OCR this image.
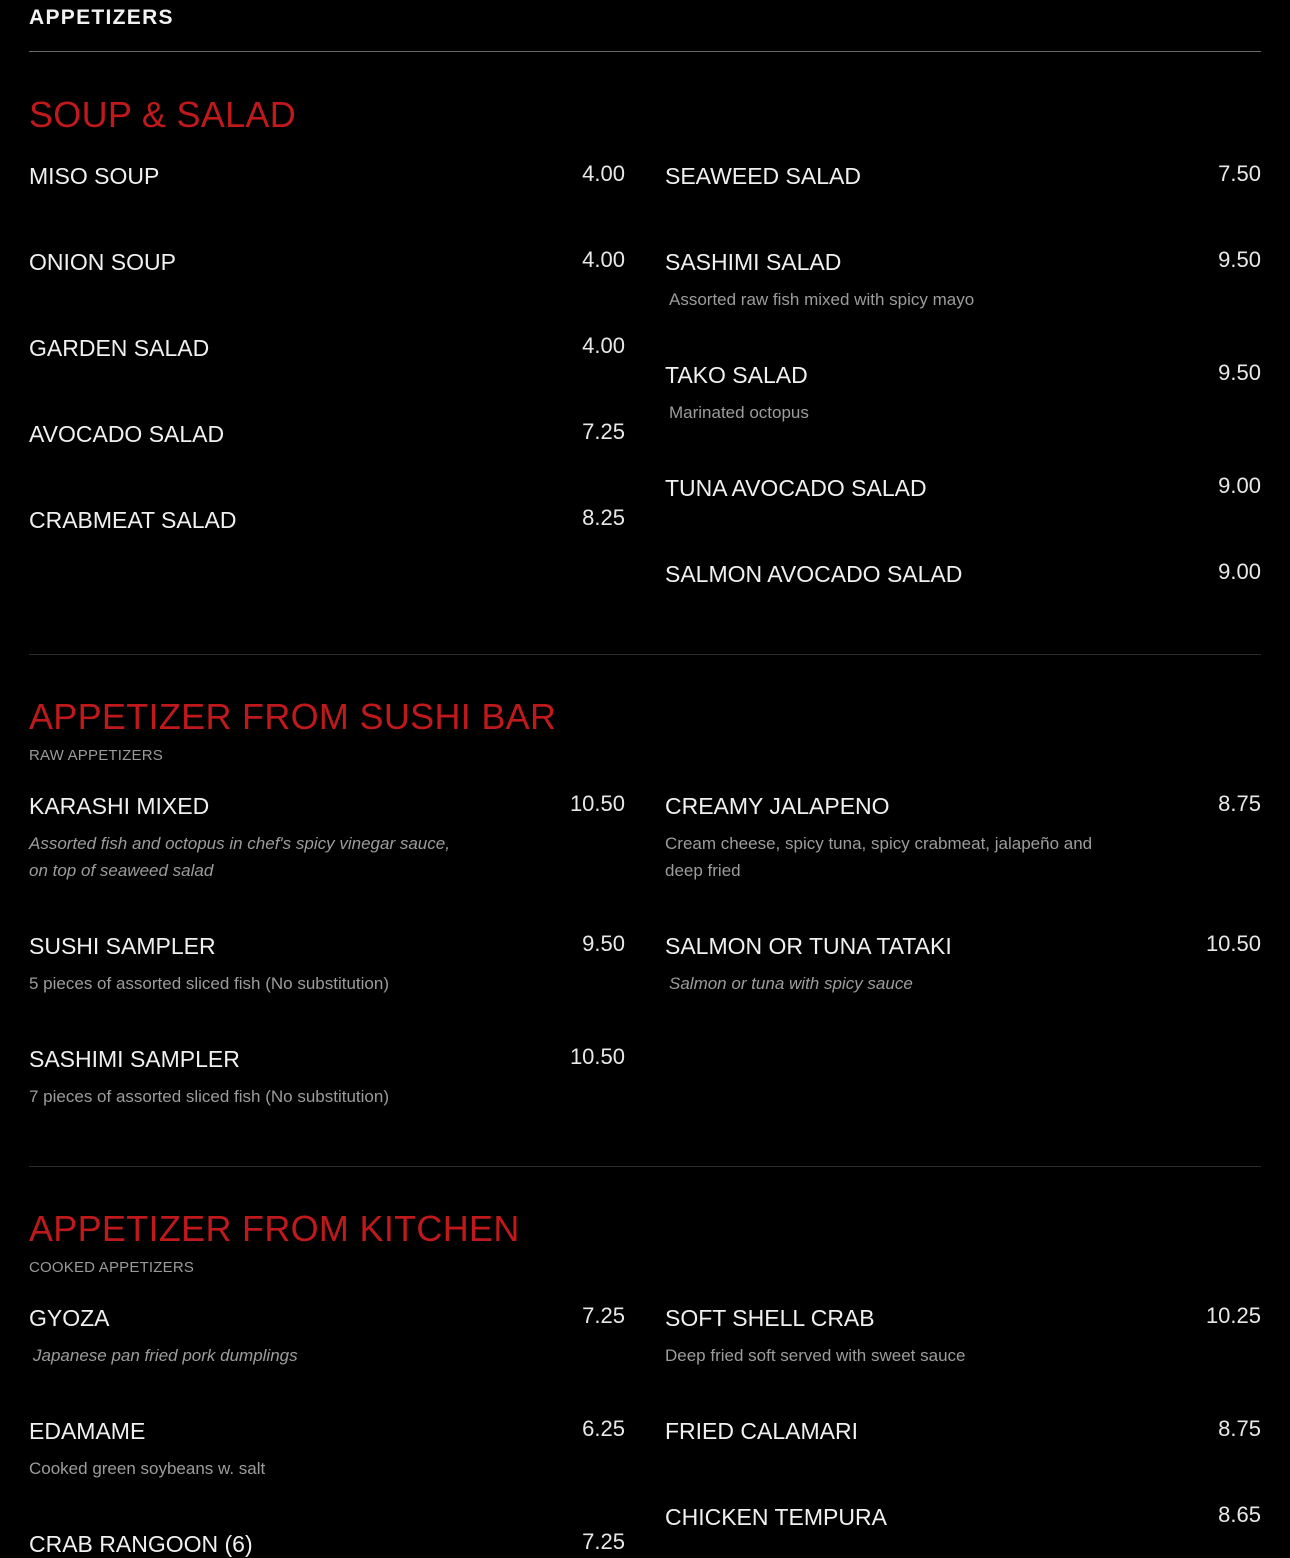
APPETIZERS
SOUP & SALAD
MISO SOUP	4.00
ONION SOUP	4.00
GARDEN SALAD	4.00
AVOCADO SALAD	7.25
CRABMEAT SALAD	8.25
SEAWEED SALAD	7.50
SASHIMI SALAD	9.50
Assorted raw fish mixed with spicy mayo
TAKO SALAD	9.50
Marinated octopus
TUNA AVOCADO SALAD	9.00
SALMON AVOCADO SALAD	9.00
APPETIZER FROM SUSHI BAR
RAW APPETIZERS
KARASHI MIXED	10.50
Assorted fish and octopus in chef's spicy vinegar sauce, on top of seaweed salad
SUSHI SAMPLER	9.50
5 pieces of assorted sliced fish (No substitution)
SASHIMI SAMPLER	10.50
7 pieces of assorted sliced fish (No substitution)
CREAMY JALAPENO	8.75
Cream cheese, spicy tuna, spicy crabmeat, jalapeño and deep fried
SALMON OR TUNA TATAKI	10.50
Salmon or tuna with spicy sauce
APPETIZER FROM KITCHEN
COOKED APPETIZERS
GYOZA	7.25
Japanese pan fried pork dumplings
EDAMAME	6.25
Cooked green soybeans w. salt
CRAB RANGOON (6)	7.25
SOFT SHELL CRAB	10.25
Deep fried soft served with sweet sauce
FRIED CALAMARI	8.75
CHICKEN TEMPURA	8.65
